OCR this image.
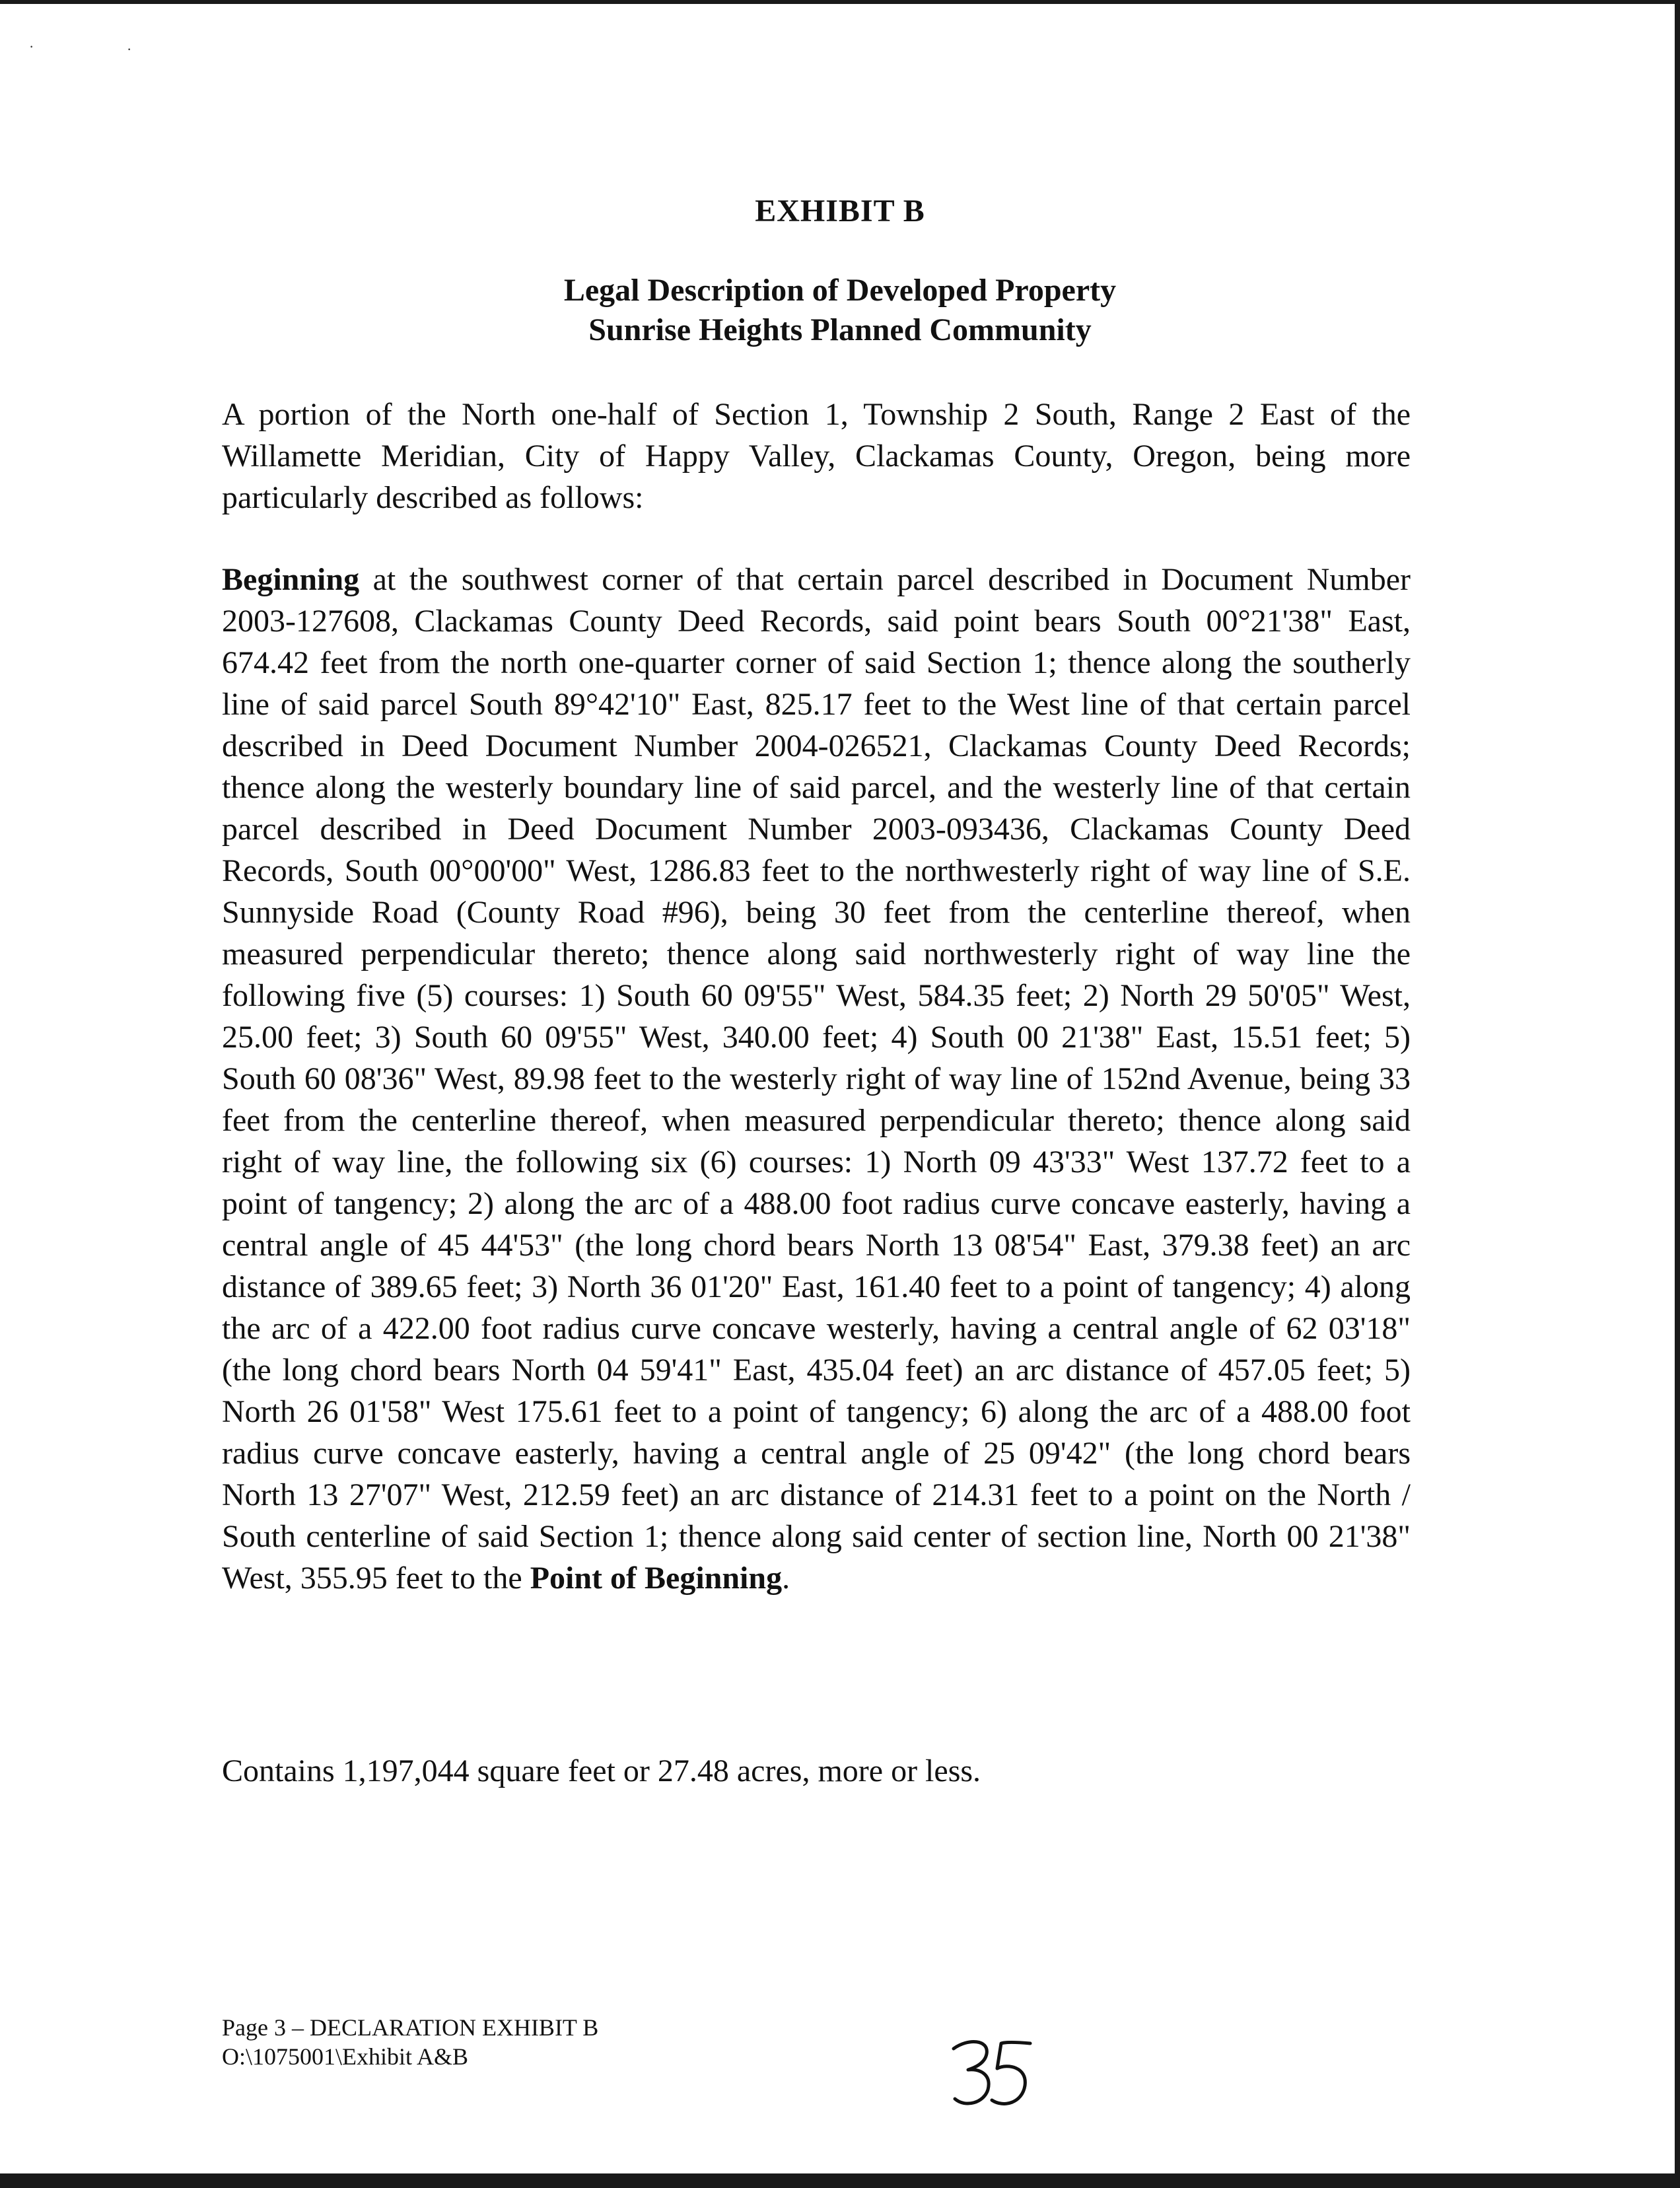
·	·
EXHIBIT B
Legal Description of Developed Property
Sunrise Heights Planned Community
A portion of the North one-half of Section 1, Township 2 South, Range 2 East of the Willamette Meridian, City of Happy Valley, Clackamas County, Oregon, being more particularly described as follows:
Beginning at the southwest corner of that certain parcel described in Document Number 2003-127608, Clackamas County Deed Records, said point bears South 00°21'38" East, 674.42 feet from the north one-quarter corner of said Section 1; thence along the southerly line of said parcel South 89°42'10" East, 825.17 feet to the West line of that certain parcel described in Deed Document Number 2004-026521, Clackamas County Deed Records; thence along the westerly boundary line of said parcel, and the westerly line of that certain parcel described in Deed Document Number 2003-093436, Clackamas County Deed Records, South 00°00'00" West, 1286.83 feet to the northwesterly right of way line of S.E. Sunnyside Road (County Road #96), being 30 feet from the centerline thereof, when measured perpendicular thereto; thence along said northwesterly right of way line the following five (5) courses: 1) South 60 09'55" West, 584.35 feet; 2) North 29 50'05" West, 25.00 feet; 3) South 60 09'55" West, 340.00 feet; 4) South 00 21'38" East, 15.51 feet; 5) South 60 08'36" West, 89.98 feet to the westerly right of way line of 152nd Avenue, being 33 feet from the centerline thereof, when measured perpendicular thereto; thence along said right of way line, the following six (6) courses: 1) North 09 43'33" West 137.72 feet to a point of tangency; 2) along the arc of a 488.00 foot radius curve concave easterly, having a central angle of 45 44'53" (the long chord bears North 13 08'54" East, 379.38 feet) an arc distance of 389.65 feet; 3) North 36 01'20" East, 161.40 feet to a point of tangency; 4) along the arc of a 422.00 foot radius curve concave westerly, having a central angle of 62 03'18" (the long chord bears North 04 59'41" East, 435.04 feet) an arc distance of 457.05 feet; 5) North 26 01'58" West 175.61 feet to a point of tangency; 6) along the arc of a 488.00 foot radius curve concave easterly, having a central angle of 25 09'42" (the long chord bears North 13 27'07" West, 212.59 feet) an arc distance of 214.31 feet to a point on the North / South centerline of said Section 1; thence along said center of section line, North 00 21'38" West, 355.95 feet to the Point of Beginning.
Contains 1,197,044 square feet or 27.48 acres, more or less.
Page 3 – DECLARATION EXHIBIT B
O:\1075001\Exhibit A&B
